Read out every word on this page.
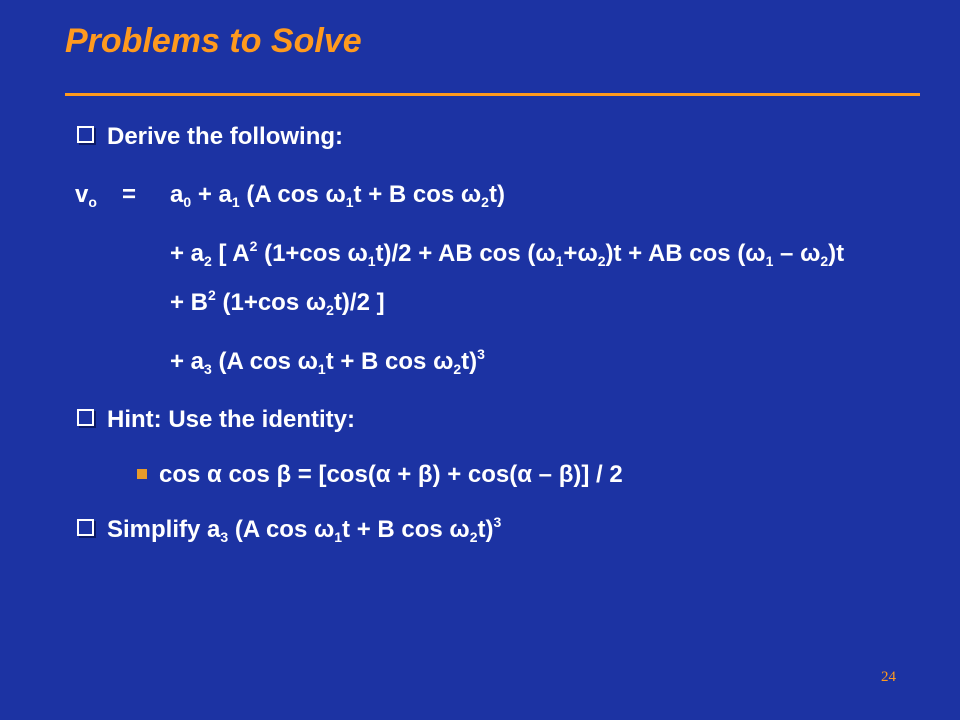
Problems to Solve
Derive the following:
$v_o = a_0 + a_1$ (A $\cos \omega_1t + B$ $\cos \omega_2t$)
+ $a_2$ [ $A^2$ (1+cos $\omega_1t)/2$ + AB $\cos (\omega_1+\omega_2)t$ + AB $\cos (\omega_1 - \omega_2)t$
+ $B^2$ (1+cos $\omega_2t)/2$ ]
+ $a_3$ (A $\cos \omega_1t + B$ $\cos \omega_2t)^3$
Hint: Use the identity:
cos α cos β = [cos(α + β) + cos(α – β)] / 2
Simplify $a_3$ (A $\cos \omega_1t + B$ $\cos \omega_2t)^3$
24
